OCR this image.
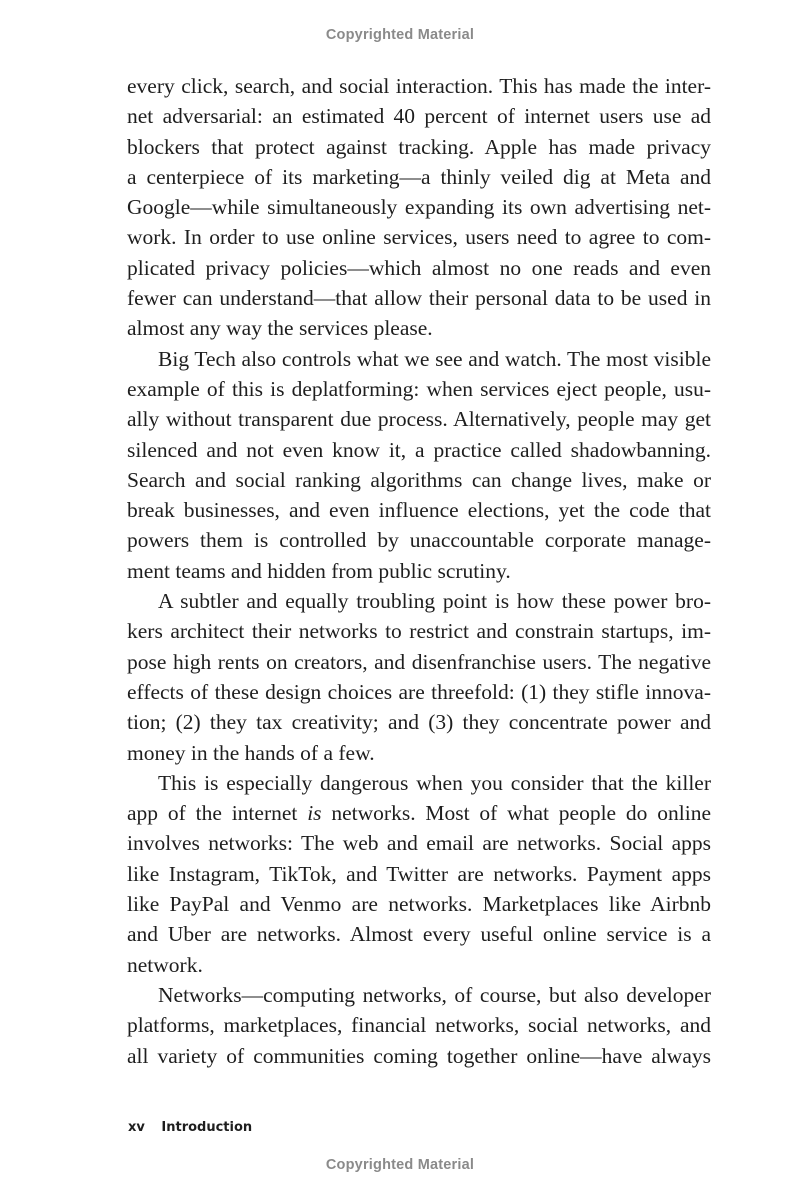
Copyrighted Material
every click, search, and social interaction. This has made the inter-
net adversarial: an estimated 40 percent of internet users use ad
blockers that protect against tracking. Apple has made privacy
a centerpiece of its marketing—a thinly veiled dig at Meta and
Google—while simultaneously expanding its own advertising net-
work. In order to use online services, users need to agree to com-
plicated privacy policies—which almost no one reads and even
fewer can understand—that allow their personal data to be used in
almost any way the services please.
Big Tech also controls what we see and watch. The most visible
example of this is deplatforming: when services eject people, usu-
ally without transparent due process. Alternatively, people may get
silenced and not even know it, a practice called shadowbanning.
Search and social ranking algorithms can change lives, make or
break businesses, and even influence elections, yet the code that
powers them is controlled by unaccountable corporate manage-
ment teams and hidden from public scrutiny.
A subtler and equally troubling point is how these power bro-
kers architect their networks to restrict and constrain startups, im-
pose high rents on creators, and disenfranchise users. The negative
effects of these design choices are threefold: (1) they stifle innova-
tion; (2) they tax creativity; and (3) they concentrate power and
money in the hands of a few.
This is especially dangerous when you consider that the killer
app of the internet is networks. Most of what people do online
involves networks: The web and email are networks. Social apps
like Instagram, TikTok, and Twitter are networks. Payment apps
like PayPal and Venmo are networks. Marketplaces like Airbnb
and Uber are networks. Almost every useful online service is a
network.
Networks—computing networks, of course, but also developer
platforms, marketplaces, financial networks, social networks, and
all variety of communities coming together online—have always
xv Introduction
Copyrighted Material
